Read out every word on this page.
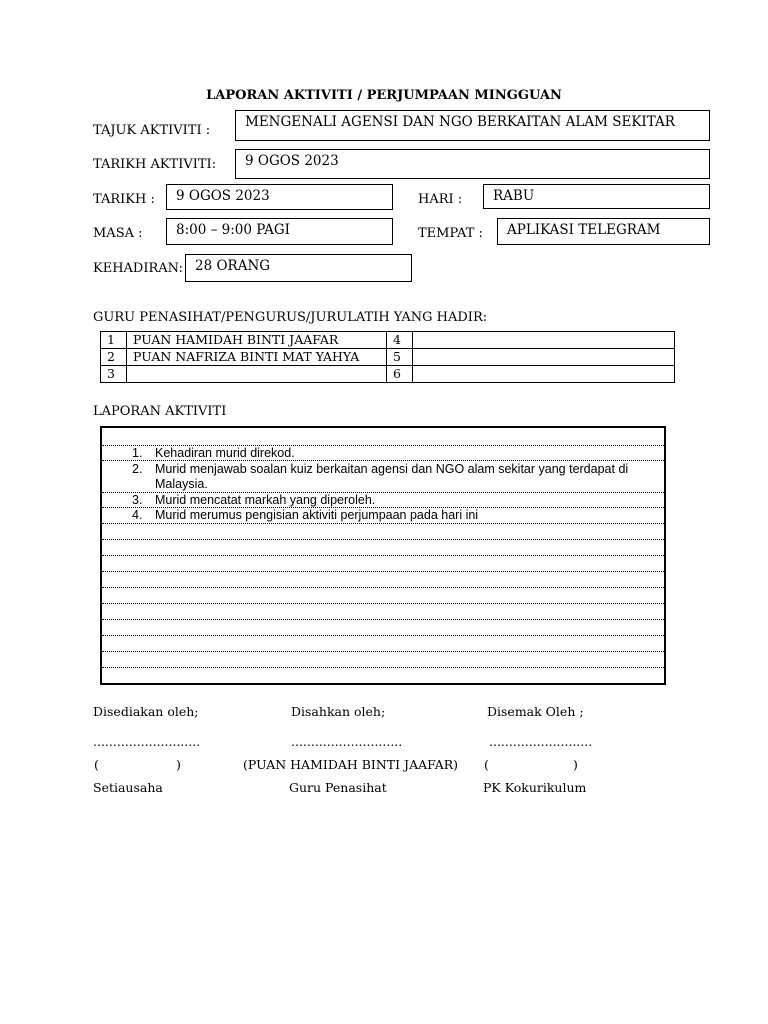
LAPORAN AKTIVITI / PERJUMPAAN MINGGUAN
TAJUK AKTIVITI :
MENGENALI AGENSI DAN NGO BERKAITAN ALAM SEKITAR
TARIKH AKTIVITI:	9 OGOS 2023
TARIKH :	9 OGOS 2023	HARI :	RABU
MASA :	8:00 – 9:00 PAGI	TEMPAT :	APLIKASI TELEGRAM
KEHADIRAN: 28 ORANG
GURU PENASIHAT/PENGURUS/JURULATIH YANG HADIR:
1	PUAN HAMIDAH BINTI JAAFAR	4	
2	PUAN NAFRIZA BINTI MAT YAHYA	5	
3		6	
LAPORAN AKTIVITI
1.	Kehadiran murid direkod.
2.	Murid menjawab soalan kuiz berkaitan agensi dan NGO alam sekitar yang terdapat di Malaysia.
3.	Murid mencatat markah yang diperoleh.
4.	Murid merumus pengisian aktiviti perjumpaan pada hari ini
Disediakan oleh;	Disahkan oleh;	Disemak Oleh ;
...........................	............................	..........................
(	)	(PUAN HAMIDAH BINTI JAAFAR) (	)
Setiausaha	Guru Penasihat	PK Kokurikulum
